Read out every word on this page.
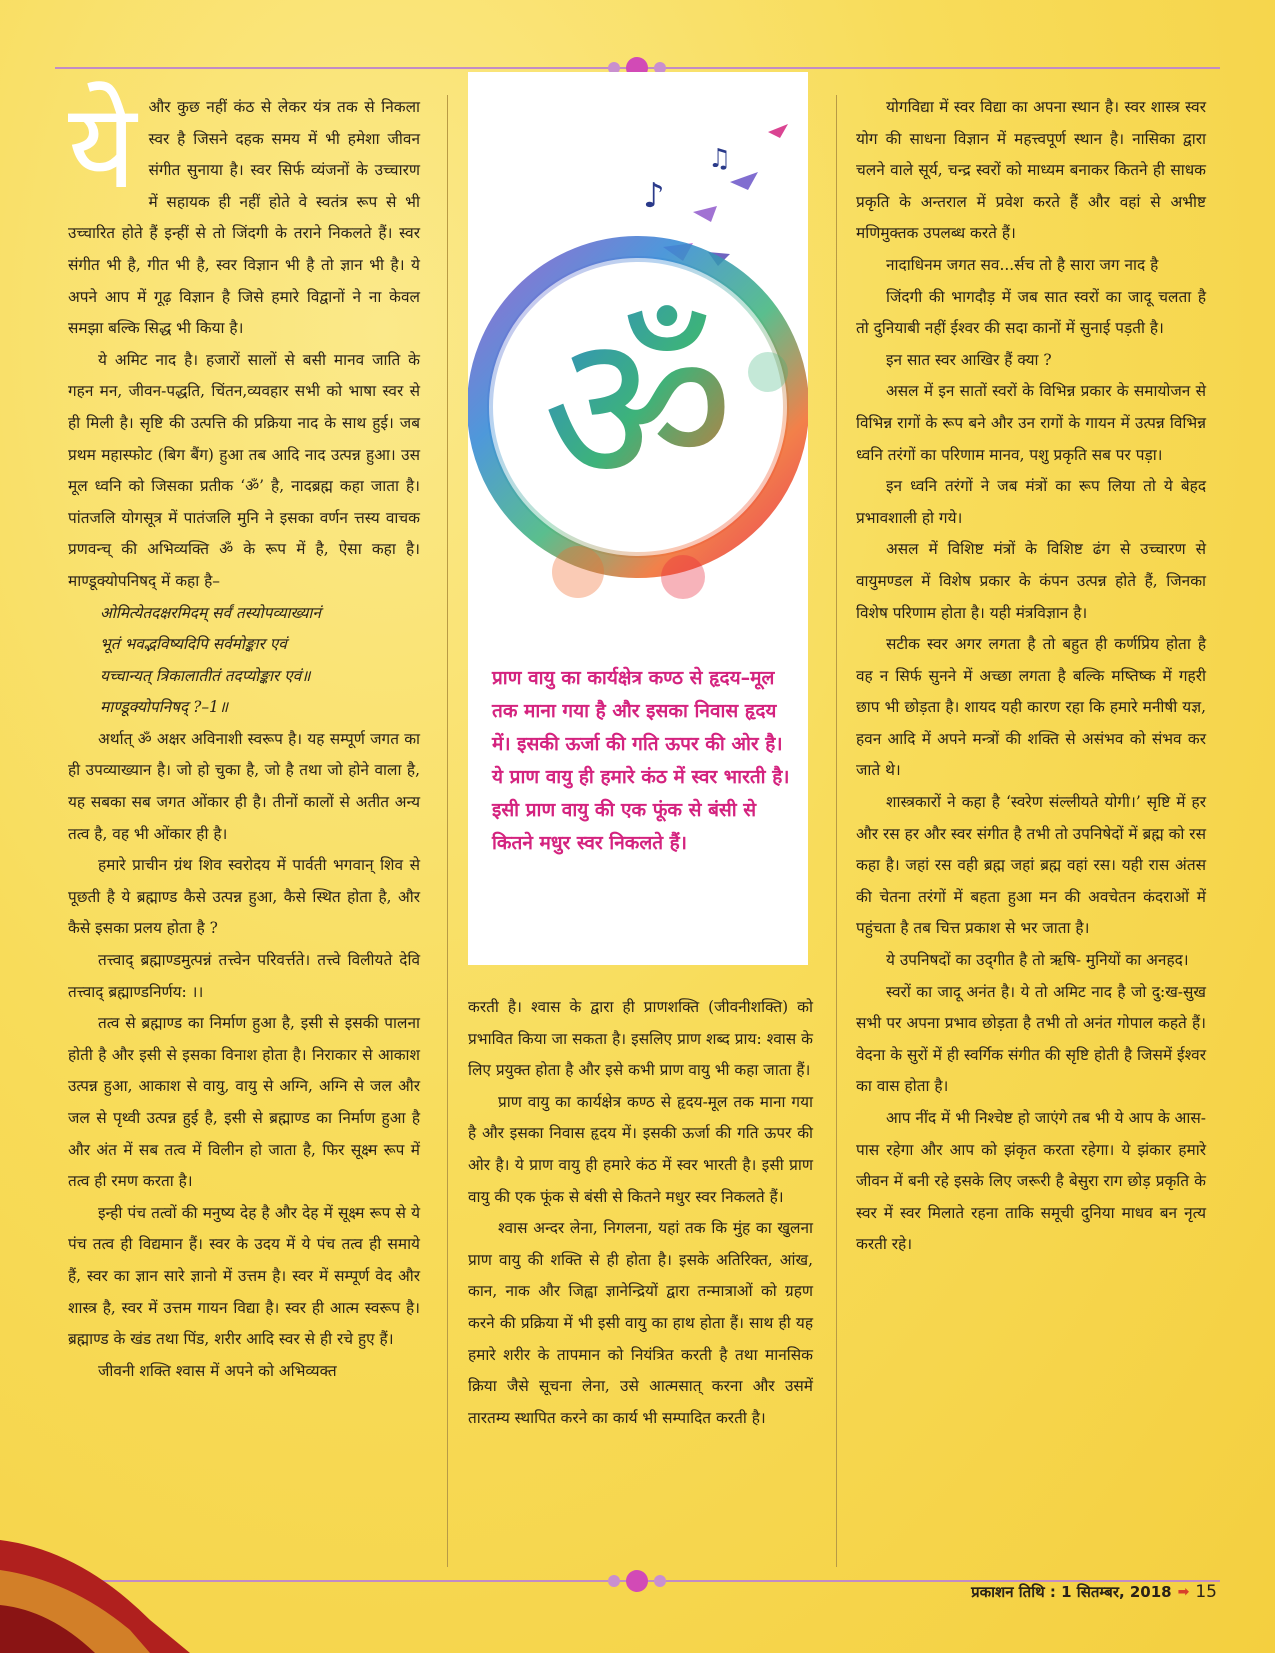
ये और कुछ नहीं कंठ से लेकर यंत्र तक से निकला स्वर है जिसने दहक समय में भी हमेशा जीवन संगीत सुनाया है। स्वर सिर्फ व्यंजनों के उच्चारण में सहायक ही नहीं होते वे स्वतंत्र रूप से भी उच्चारित होते हैं इन्हीं से तो जिंदगी के तराने निकलते हैं। स्वर संगीत भी है, गीत भी है, स्वर विज्ञान भी है तो ज्ञान भी है। ये अपने आप में गूढ़ विज्ञान है जिसे हमारे विद्वानों ने ना केवल समझा बल्कि सिद्ध भी किया है।

ये अमिट नाद है। हजारों सालों से बसी मानव जाति के गहन मन, जीवन-पद्धति, चिंतन,व्यवहार सभी को भाषा स्वर से ही मिली है। सृष्टि की उत्पत्ति की प्रक्रिया नाद के साथ हुई। जब प्रथम महास्फोट (बिग बैंग) हुआ तब आदि नाद उत्पन्न हुआ। उस मूल ध्वनि को जिसका प्रतीक ‘ॐ’ है, नादब्रह्म कहा जाता है। पांतजलि योगसूत्र में पातंजलि मुनि ने इसका वर्णन त्तस्य वाचक प्रणवन्च् की अभिव्यक्ति ॐ के रूप में है, ऐसा कहा है। माण्डूक्योपनिषद् में कहा है–

ओमित्येतदक्षरमिदम् सर्वं तस्योपव्याख्यानं

भूतं भवद्भविष्यदिपि सर्वमोङ्कार एवं

यच्चान्यत् त्रिकालातीतं तदप्योङ्कार एवं॥

माण्डूक्योपनिषद् ?–1॥

अर्थात् ॐ अक्षर अविनाशी स्वरूप है। यह सम्पूर्ण जगत का ही उपव्याख्यान है। जो हो चुका है, जो है तथा जो होने वाला है, यह सबका सब जगत ओंकार ही है। तीनों कालों से अतीत अन्य तत्व है, वह भी ओंकार ही है।

हमारे प्राचीन ग्रंथ शिव स्वरोदय में पार्वती भगवान् शिव से पूछती है ये ब्रह्माण्ड कैसे उत्पन्न हुआ, कैसे स्थित होता है, और कैसे इसका प्रलय होता है ?

तत्त्वाद् ब्रह्माण्डमुत्पन्नं तत्त्वेन परिवर्त्तते। तत्त्वे विलीयते देवि तत्त्वाद् ब्रह्माण्डनिर्णय: ।।

तत्व से ब्रह्माण्ड का निर्माण हुआ है, इसी से इसकी पालना होती है और इसी से इसका विनाश होता है। निराकार से आकाश उत्पन्न हुआ, आकाश से वायु, वायु से अग्नि, अग्नि से जल और जल से पृथ्वी उत्पन्न हुई है, इसी से ब्रह्माण्ड का निर्माण हुआ है और अंत में सब तत्व में विलीन हो जाता है, फिर सूक्ष्म रूप में तत्व ही रमण करता है।

इन्ही पंच तत्वों की मनुष्य देह है और देह में सूक्ष्म रूप से ये पंच तत्व ही विद्यमान हैं। स्वर के उदय में ये पंच तत्व ही समाये हैं, स्वर का ज्ञान सारे ज्ञानो में उत्तम है। स्वर में सम्पूर्ण वेद और शास्त्र है, स्वर में उत्तम गायन विद्या है। स्वर ही आत्म स्वरूप है। ब्रह्माण्ड के खंड तथा पिंड, शरीर आदि स्वर से ही रचे हुए हैं।

जीवनी शक्ति श्वास में अपने को अभिव्यक्त

♪
♫
ॐ
प्राण वायु का कार्यक्षेत्र कण्ठ से हृदय–मूल तक माना गया है और इसका निवास हृदय में। इसकी ऊर्जा की गति ऊपर की ओर है। ये प्राण वायु ही हमारे कंठ में स्वर भारती है। इसी प्राण वायु की एक फूंक से बंसी से कितने मधुर स्वर निकलते हैं।

करती है। श्वास के द्वारा ही प्राणशक्ति (जीवनीशक्ति) को प्रभावित किया जा सकता है। इसलिए प्राण शब्द प्राय: श्वास के लिए प्रयुक्त होता है और इसे कभी प्राण वायु भी कहा जाता हैं।

प्राण वायु का कार्यक्षेत्र कण्ठ से हृदय-मूल तक माना गया है और इसका निवास हृदय में। इसकी ऊर्जा की गति ऊपर की ओर है। ये प्राण वायु ही हमारे कंठ में स्वर भारती है। इसी प्राण वायु की एक फूंक से बंसी से कितने मधुर स्वर निकलते हैं।

श्वास अन्दर लेना, निगलना, यहां तक कि मुंह का खुलना प्राण वायु की शक्ति से ही होता है। इसके अतिरिक्त, आंख, कान, नाक और जिह्वा ज्ञानेन्द्रियों द्वारा तन्मात्राओं को ग्रहण करने की प्रक्रिया में भी इसी वायु का हाथ होता हैं। साथ ही यह हमारे शरीर के तापमान को नियंत्रित करती है तथा मानसिक क्रिया जैसे सूचना लेना, उसे आत्मसात् करना और उसमें तारतम्य स्थापित करने का कार्य भी सम्पादित करती है।

योगविद्या में स्वर विद्या का अपना स्थान है। स्वर शास्त्र स्वर योग की साधना विज्ञान में महत्त्वपूर्ण स्थान है। नासिका द्वारा चलने वाले सूर्य, चन्द्र स्वरों को माध्यम बनाकर कितने ही साधक प्रकृति के अन्तराल में प्रवेश करते हैं और वहां से अभीष्ट मणिमुक्तक उपलब्ध करते हैं।

नादाधिनम जगत सव...र्सच तो है सारा जग नाद है

जिंदगी की भागदौड़ में जब सात स्वरों का जादू चलता है तो दुनियाबी नहीं ईश्वर की सदा कानों में सुनाई पड़ती है।

इन सात स्वर आखिर हैं क्या ?

असल में इन सातों स्वरों के विभिन्न प्रकार के समायोजन से विभिन्न रागों के रूप बने और उन रागों के गायन में उत्पन्न विभिन्न ध्वनि तरंगों का परिणाम मानव, पशु प्रकृति सब पर पड़ा।

इन ध्वनि तरंगों ने जब मंत्रों का रूप लिया तो ये बेहद प्रभावशाली हो गये।

असल में विशिष्ट मंत्रों के विशिष्ट ढंग से उच्चारण से वायुमण्डल में विशेष प्रकार के कंपन उत्पन्न होते हैं, जिनका विशेष परिणाम होता है। यही मंत्रविज्ञान है।

सटीक स्वर अगर लगता है तो बहुत ही कर्णप्रिय होता है वह न सिर्फ सुनने में अच्छा लगता है बल्कि मष्तिष्क में गहरी छाप भी छोड़ता है। शायद यही कारण रहा कि हमारे मनीषी यज्ञ, हवन आदि में अपने मन्त्रों की शक्ति से असंभव को संभव कर जाते थे।

शास्त्रकारों ने कहा है ‘स्वरेण संल्लीयते योगी।’ सृष्टि में हर और रस हर और स्वर संगीत है तभी तो उपनिषेदों में ब्रह्म को रस कहा है। जहां रस वही ब्रह्म जहां ब्रह्म वहां रस। यही रास अंतस की चेतना तरंगों में बहता हुआ मन की अवचेतन कंदराओं में पहुंचता है तब चित्त प्रकाश से भर जाता है।

ये उपनिषदों का उद्‌गीत है तो ऋषि- मुनियों का अनहद।

स्वरों का जादू अनंत है। ये तो अमिट नाद है जो दु:ख-सुख सभी पर अपना प्रभाव छोड़ता है तभी तो अनंत गोपाल कहते हैं। वेदना के सुरों में ही स्वर्गिक संगीत की सृष्टि होती है जिसमें ईश्वर का वास होता है।

आप नींद में भी निश्चेष्ट हो जाएंगे तब भी ये आप के आस- पास रहेगा और आप को झंकृत करता रहेगा। ये झंकार हमारे जीवन में बनी रहे इसके लिए जरूरी है बेसुरा राग छोड़ प्रकृति के स्वर में स्वर मिलाते रहना ताकि समूची दुनिया माधव बन नृत्य करती रहे।

प्रकाशन तिथि : 1 सितम्बर, 2018 ➡ 15
